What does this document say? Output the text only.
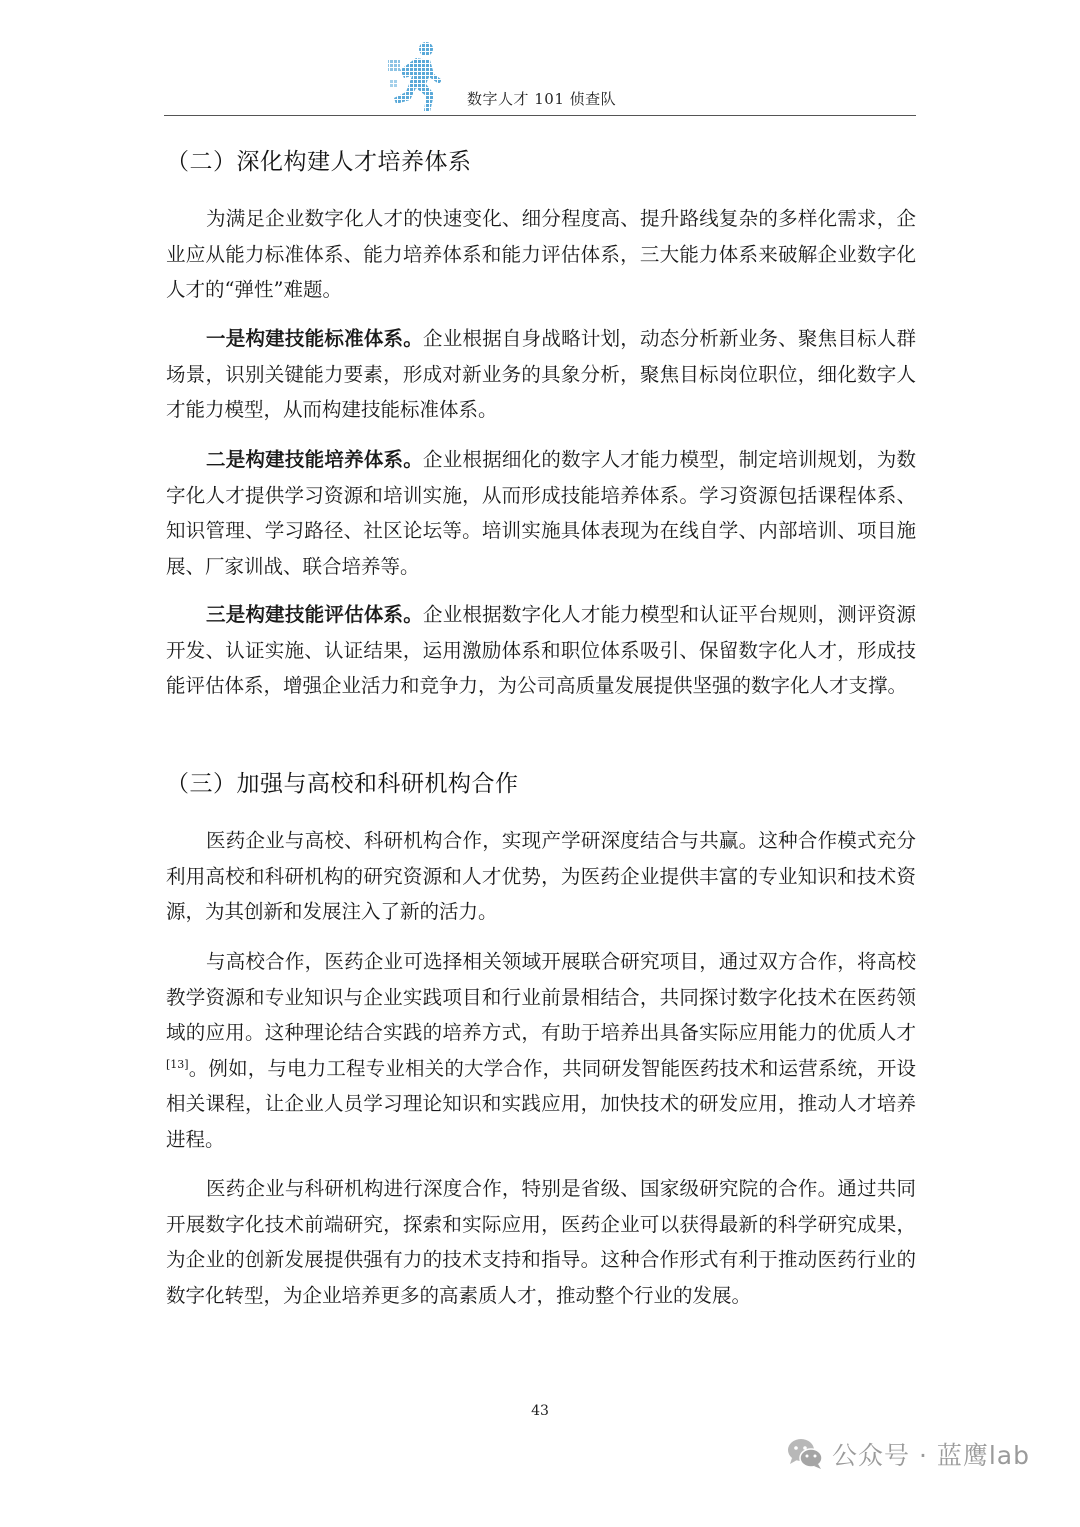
数字人才 101 侦查队
（二）深化构建人才培养体系

为满足企业数字化人才的快速变化、细分程度高、提升路线复杂的多样化需求，企业应从能力标准体系、能力培养体系和能力评估体系，三大能力体系来破解企业数字化人才的“弹性”难题。

一是构建技能标准体系。企业根据自身战略计划，动态分析新业务、聚焦目标人群场景，识别关键能力要素，形成对新业务的具象分析，聚焦目标岗位职位，细化数字人才能力模型，从而构建技能标准体系。

二是构建技能培养体系。企业根据细化的数字人才能力模型，制定培训规划，为数字化人才提供学习资源和培训实施，从而形成技能培养体系。学习资源包括课程体系、知识管理、学习路径、社区论坛等。培训实施具体表现为在线自学、内部培训、项目施展、厂家训战、联合培养等。

三是构建技能评估体系。企业根据数字化人才能力模型和认证平台规则，测评资源开发、认证实施、认证结果，运用激励体系和职位体系吸引、保留数字化人才，形成技能评估体系，增强企业活力和竞争力，为公司高质量发展提供坚强的数字化人才支撑。

（三）加强与高校和科研机构合作

医药企业与高校、科研机构合作，实现产学研深度结合与共赢。这种合作模式充分利用高校和科研机构的研究资源和人才优势，为医药企业提供丰富的专业知识和技术资源，为其创新和发展注入了新的活力。

与高校合作，医药企业可选择相关领域开展联合研究项目，通过双方合作，将高校教学资源和专业知识与企业实践项目和行业前景相结合，共同探讨数字化技术在医药领域的应用。这种理论结合实践的培养方式，有助于培养出具备实际应用能力的优质人才[13]。例如，与电力工程专业相关的大学合作，共同研发智能医药技术和运营系统，开设相关课程，让企业人员学习理论知识和实践应用，加快技术的研发应用，推动人才培养进程。

医药企业与科研机构进行深度合作，特别是省级、国家级研究院的合作。通过共同开展数字化技术前端研究，探索和实际应用，医药企业可以获得最新的科学研究成果，为企业的创新发展提供强有力的技术支持和指导。这种合作形式有利于推动医药行业的数字化转型，为企业培养更多的高素质人才，推动整个行业的发展。

43
公众号 · 蓝鹰lab
